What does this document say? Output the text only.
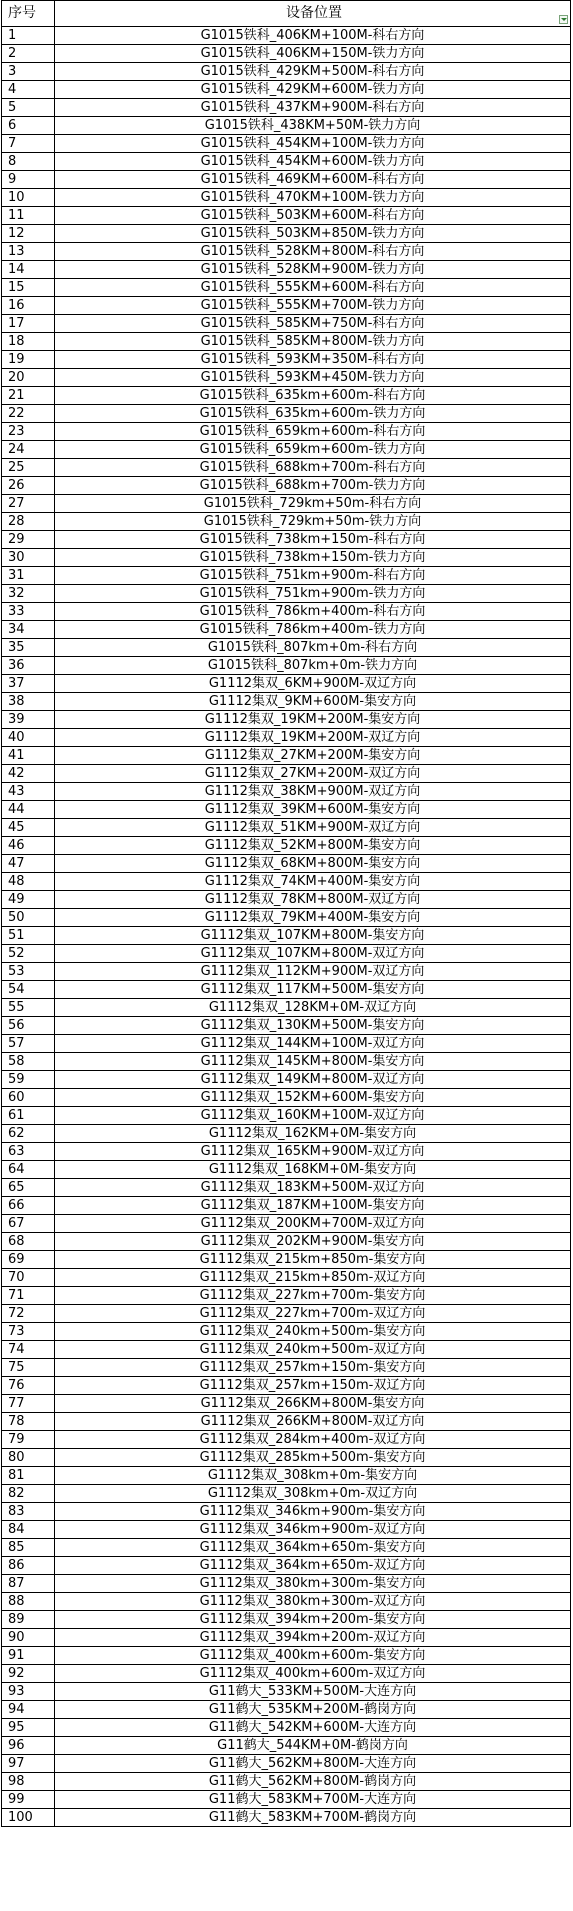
序号	设备位置

1	G1015铁科_406KM+100M-科右方向
2	G1015铁科_406KM+150M-铁力方向
3	G1015铁科_429KM+500M-科右方向
4	G1015铁科_429KM+600M-铁力方向
5	G1015铁科_437KM+900M-科右方向
6	G1015铁科_438KM+50M-铁力方向
7	G1015铁科_454KM+100M-铁力方向
8	G1015铁科_454KM+600M-铁力方向
9	G1015铁科_469KM+600M-科右方向
10	G1015铁科_470KM+100M-铁力方向
11	G1015铁科_503KM+600M-科右方向
12	G1015铁科_503KM+850M-铁力方向
13	G1015铁科_528KM+800M-科右方向
14	G1015铁科_528KM+900M-铁力方向
15	G1015铁科_555KM+600M-科右方向
16	G1015铁科_555KM+700M-铁力方向
17	G1015铁科_585KM+750M-科右方向
18	G1015铁科_585KM+800M-铁力方向
19	G1015铁科_593KM+350M-科右方向
20	G1015铁科_593KM+450M-铁力方向
21	G1015铁科_635km+600m-科右方向
22	G1015铁科_635km+600m-铁力方向
23	G1015铁科_659km+600m-科右方向
24	G1015铁科_659km+600m-铁力方向
25	G1015铁科_688km+700m-科右方向
26	G1015铁科_688km+700m-铁力方向
27	G1015铁科_729km+50m-科右方向
28	G1015铁科_729km+50m-铁力方向
29	G1015铁科_738km+150m-科右方向
30	G1015铁科_738km+150m-铁力方向
31	G1015铁科_751km+900m-科右方向
32	G1015铁科_751km+900m-铁力方向
33	G1015铁科_786km+400m-科右方向
34	G1015铁科_786km+400m-铁力方向
35	G1015铁科_807km+0m-科右方向
36	G1015铁科_807km+0m-铁力方向
37	G1112集双_6KM+900M-双辽方向
38	G1112集双_9KM+600M-集安方向
39	G1112集双_19KM+200M-集安方向
40	G1112集双_19KM+200M-双辽方向
41	G1112集双_27KM+200M-集安方向
42	G1112集双_27KM+200M-双辽方向
43	G1112集双_38KM+900M-双辽方向
44	G1112集双_39KM+600M-集安方向
45	G1112集双_51KM+900M-双辽方向
46	G1112集双_52KM+800M-集安方向
47	G1112集双_68KM+800M-集安方向
48	G1112集双_74KM+400M-集安方向
49	G1112集双_78KM+800M-双辽方向
50	G1112集双_79KM+400M-集安方向
51	G1112集双_107KM+800M-集安方向
52	G1112集双_107KM+800M-双辽方向
53	G1112集双_112KM+900M-双辽方向
54	G1112集双_117KM+500M-集安方向
55	G1112集双_128KM+0M-双辽方向
56	G1112集双_130KM+500M-集安方向
57	G1112集双_144KM+100M-双辽方向
58	G1112集双_145KM+800M-集安方向
59	G1112集双_149KM+800M-双辽方向
60	G1112集双_152KM+600M-集安方向
61	G1112集双_160KM+100M-双辽方向
62	G1112集双_162KM+0M-集安方向
63	G1112集双_165KM+900M-双辽方向
64	G1112集双_168KM+0M-集安方向
65	G1112集双_183KM+500M-双辽方向
66	G1112集双_187KM+100M-集安方向
67	G1112集双_200KM+700M-双辽方向
68	G1112集双_202KM+900M-集安方向
69	G1112集双_215km+850m-集安方向
70	G1112集双_215km+850m-双辽方向
71	G1112集双_227km+700m-集安方向
72	G1112集双_227km+700m-双辽方向
73	G1112集双_240km+500m-集安方向
74	G1112集双_240km+500m-双辽方向
75	G1112集双_257km+150m-集安方向
76	G1112集双_257km+150m-双辽方向
77	G1112集双_266KM+800M-集安方向
78	G1112集双_266KM+800M-双辽方向
79	G1112集双_284km+400m-双辽方向
80	G1112集双_285km+500m-集安方向
81	G1112集双_308km+0m-集安方向
82	G1112集双_308km+0m-双辽方向
83	G1112集双_346km+900m-集安方向
84	G1112集双_346km+900m-双辽方向
85	G1112集双_364km+650m-集安方向
86	G1112集双_364km+650m-双辽方向
87	G1112集双_380km+300m-集安方向
88	G1112集双_380km+300m-双辽方向
89	G1112集双_394km+200m-集安方向
90	G1112集双_394km+200m-双辽方向
91	G1112集双_400km+600m-集安方向
92	G1112集双_400km+600m-双辽方向
93	G11鹤大_533KM+500M-大连方向
94	G11鹤大_535KM+200M-鹤岗方向
95	G11鹤大_542KM+600M-大连方向
96	G11鹤大_544KM+0M-鹤岗方向
97	G11鹤大_562KM+800M-大连方向
98	G11鹤大_562KM+800M-鹤岗方向
99	G11鹤大_583KM+700M-大连方向
100	G11鹤大_583KM+700M-鹤岗方向
